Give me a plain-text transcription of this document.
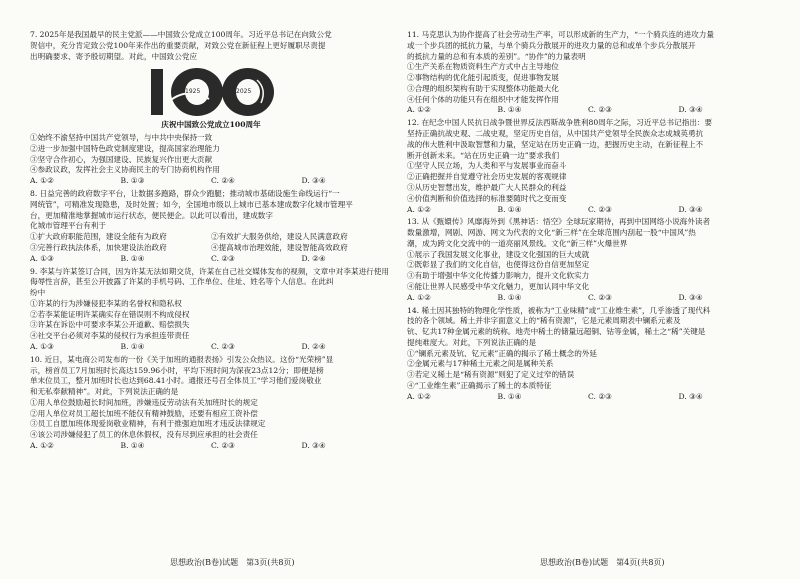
7. 2025年是我国最早的民主党派——中国致公党成立100周年。习近平总书记在向致公党

贺信中，充分肯定致公党100年来作出的重要贡献，对致公党在新征程上更好履职尽责提

出明确要求、寄予殷切期望。对此，中国致公党应

1925	2025

庆祝中国致公党成立100周年

①始终不渝坚持中国共产党领导，与中共中央保持一致

②进一步加强中国特色政党制度建设，提高国家治理能力

③坚守合作初心，为强国建设、民族复兴作出更大贡献

④参政议政，发挥社会主义协商民主的专门协商机构作用

A. ①②	B. ①③	C. ②④	D. ③④

8. 日益完善的政府数字平台，让数据多跑路，群众少跑腿；推动城市基础设施生命线运行“一

网统管”，可精准发现隐患，及时处置；如今，全国地市级以上城市已基本建成数字化城市管理平

台，更加精准地掌握城市运行状态，便民便企。以此可以看出，建成数字

化城市管理平台有利于

①扩大政府职能范围，建设全能有为政府	②有效扩大服务供给，建设人民满意政府
③完善行政执法体系，加快建设法治政府	④提高城市治理效能，建设智能高效政府
A. ①③	B. ①④	C. ②③	D. ②④

9. 李某与许某签订合同，因为许某无法如期交货，许某在自己社交媒体发布的视频，文章中对李某进行使用

侮辱性言辞，甚至公开披露了许某的手机号码、工作单位、住址、姓名等个人信息。在此纠

纷中

①许某的行为涉嫌侵犯李某的名誉权和隐私权

②若李某能证明许某确实存在错误则不构成侵权

③许某在诉讼中可要求李某公开道歉、赔偿损失

④社交平台必须对李某的侵权行为承担连带责任

A. ①③	B. ①④	C. ②③	D. ②④

10. 近日，某电商公司发布的一份《关于加班的通报表扬》引发公众热议。这份“光荣榜”显

示，榜首员工7月加班时长高达159.96小时，平均下班时间为深夜23点12分；即便是榜

单末位员工，整月加班时长也达到68.41小时。通报还号召全体员工“学习他们爱岗敬业

和无私奉献精神”。对此，下列说法正确的是

①用人单位鼓励超长时间加班，涉嫌违反劳动法有关加班时长的规定

②用人单位对员工超长加班不能仅有精神鼓励，还要有相应工资补偿

③员工自愿加班体现爱岗敬业精神，有利于推强迫加班才违反法律规定

④该公司涉嫌侵犯了员工的休息休假权，没有尽到应承担的社会责任

A. ①②	B. ①④	C. ②③	D. ③④

11. 马克思认为协作提高了社会劳动生产率，可以形成新的生产力，“一个骑兵连的进攻力量

或一个步兵团的抵抗力量，与单个骑兵分散展开的进攻力量的总和或单个步兵分散展开

的抵抗力量的总和有本质的差别”。“协作”的力量表明

①生产关系在物质资料生产方式中占主导地位

②事物结构的优化能引起质变，促进事物发展

③合理的组织架构有助于实现整体功能最大化

④任何个体的功能只有在组织中才能发挥作用

A. ①②	B. ①④	C. ②③	D. ③④

12. 在纪念中国人民抗日战争暨世界反法西斯战争胜利80周年之际，习近平总书记指出：要

坚持正确抗战史观、二战史观，坚定历史自信，从中国共产党领导全民族众志成城英勇抗

战的伟大胜利中汲取智慧和力量，坚定站在历史正确一边，把握历史主动，在新征程上不

断开创新未来。“站在历史正确一边”要求我们

①坚守人民立场，为人类和平与发展事业而奋斗

②正确把握并自觉遵守社会历史发展的客观规律

③从历史智慧出发，维护最广大人民群众的利益

④价值判断和价值选择的标准要随时代之变而变

A. ①②	B. ①④	C. ②③	D. ③④

13. 从《甄嬛传》风靡海外到《黑神话：悟空》全球玩家期待，再到中国网络小说海外读者

数量激增，网剧、网游、网文为代表的文化“新三样”在全球范围内刮起一股“中国风”热

潮，成为跨文化交流中的一道亮丽风景线。文化“新三样”火爆世界

①展示了我国发展文化事业，建设文化强国的巨大成就

②既彰显了我们的文化自信，也使得这份自信更加坚定

③有助于增强中华文化传播力影响力，提升文化软实力

④能让世界人民感受中华文化魅力，更加认同中华文化

A. ①②	B. ①④	C. ②③	D. ③④

14. 稀土因其独特的物理化学性质，被称为“工业味精”或“工业维生素”，几乎渗透了现代科

技的各个领域。稀土并非字面意义上的“稀有资源”，它是元素周期表中镧系元素及

钪、钇共17种金属元素的统称。地壳中稀土的储量远超铜、钴等金属，稀土之“稀”关键是

提纯难度大。对此，下列说法正确的是

①“镧系元素及钪、钇元素”正确的揭示了稀土概念的外延

②金属元素与17种稀土元素之间是属种关系

③若定义稀土是“稀有资源”则犯了定义过窄的错误

④“工业维生素”正确揭示了稀土的本质特征

A. ①②	B. ①④	C. ②③	D. ③④
思想政治(B卷)试题　第3页(共8页)	思想政治(B卷)试题　第4页(共8页)
